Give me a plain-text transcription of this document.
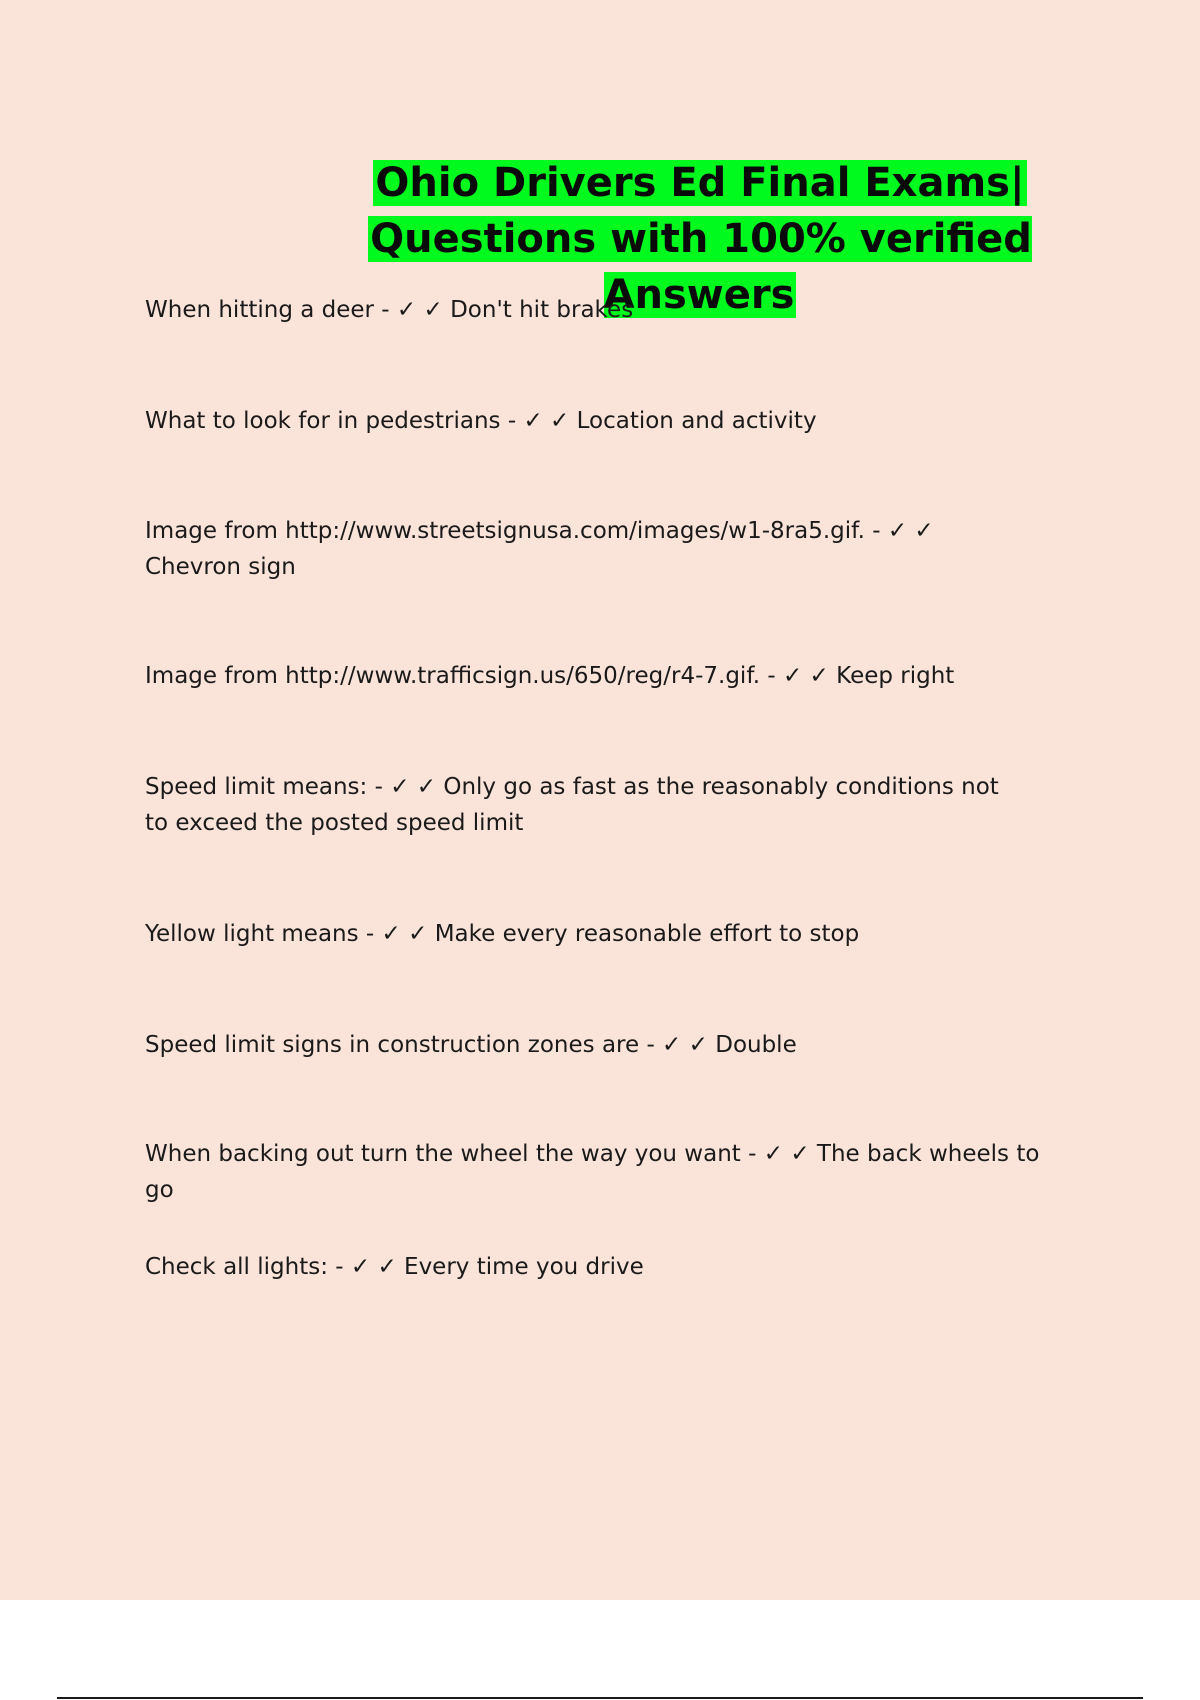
Ohio Drivers Ed Final Exams|
Questions with 100% verified Answers

When hitting a deer - ✓ ✓ Don't hit brakes

What to look for in pedestrians - ✓ ✓ Location and activity

Image from http://www.streetsignusa.com/images/w1-8ra5.gif. - ✓ ✓ Chevron sign

Image from http://www.trafficsign.us/650/reg/r4-7.gif. - ✓ ✓ Keep right

Speed limit means: - ✓ ✓ Only go as fast as the reasonably conditions not to exceed the posted speed limit

Yellow light means - ✓ ✓ Make every reasonable effort to stop

Speed limit signs in construction zones are - ✓ ✓ Double

When backing out turn the wheel the way you want - ✓ ✓ The back wheels to go

Check all lights: - ✓ ✓ Every time you drive
